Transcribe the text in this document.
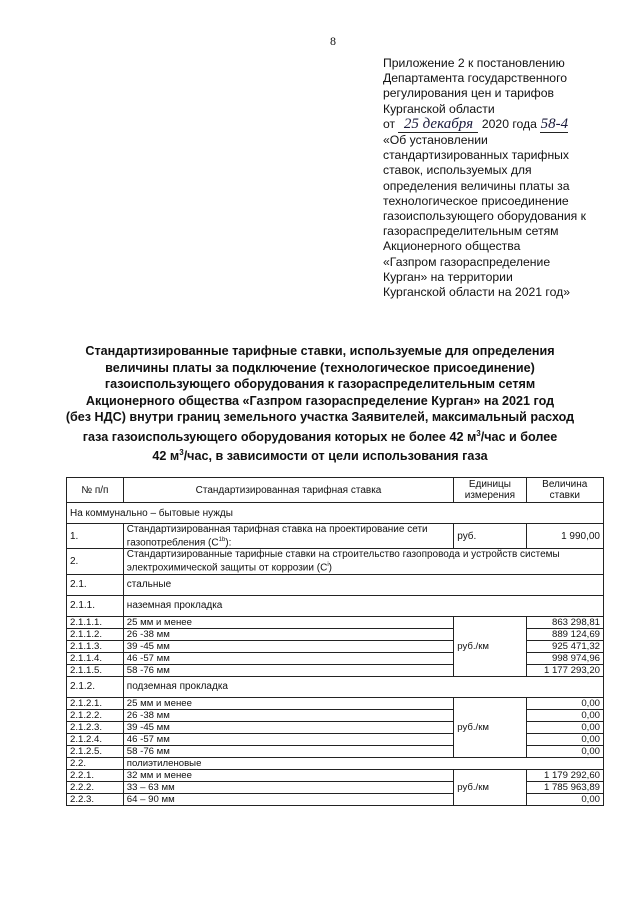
8
Приложение 2 к постановлению
Департамента государственного
регулирования цен и тарифов
Курганской области
от 25 декабря 2020 года 58-4
«Об установлении
стандартизированных тарифных
ставок, используемых для
определения величины платы за
технологическое присоединение
газоиспользующего оборудования к
газораспределительным сетям
Акционерного общества
«Газпром газораспределение
Курган» на территории
Курганской области на 2021 год»
Стандартизированные тарифные ставки, используемые для определения
величины платы за подключение (технологическое присоединение)
газоиспользующего оборудования к газораспределительным сетям
Акционерного общества «Газпром газораспределение Курган» на 2021 год
(без НДС) внутри границ земельного участка Заявителей, максимальный расход
газа газоиспользующего оборудования которых не более 42 $м^3$/час и более
42 $м^3$/час, в зависимости от цели использования газа
№ п/п	Стандартизированная тарифная ставка	Единицы измерения	Величина ставки
На коммунально – бытовые нужды			
1.	Стандартизированная тарифная ставка на проектирование сети газопотребления $(C^{1b})$:	руб.	1 990,00
2.	Стандартизированные тарифные ставки на строительство газопровода и устройств системы электрохимической защиты от коррозии $(C^i)$		
2.1.	стальные		
2.1.1.	наземная прокладка		
2.1.1.1.	25 мм и менее	руб./км	863 298,81
2.1.1.2.	26 -38 мм		889 124,69
2.1.1.3.	39 -45 мм		925 471,32
2.1.1.4.	46 -57 мм		998 974,96
2.1.1.5.	58 -76 мм		1 177 293,20
2.1.2.	подземная прокладка		
2.1.2.1.	25 мм и менее	руб./км	0,00
2.1.2.2.	26 -38 мм		0,00
2.1.2.3.	39 -45 мм		0,00
2.1.2.4.	46 -57 мм		0,00
2.1.2.5.	58 -76 мм		0,00
2.2.	полиэтиленовые		
2.2.1.	32 мм и менее	руб./км	1 179 292,60
2.2.2.	33 – 63 мм		1 785 963,89
2.2.3.	64 – 90 мм		0,00
